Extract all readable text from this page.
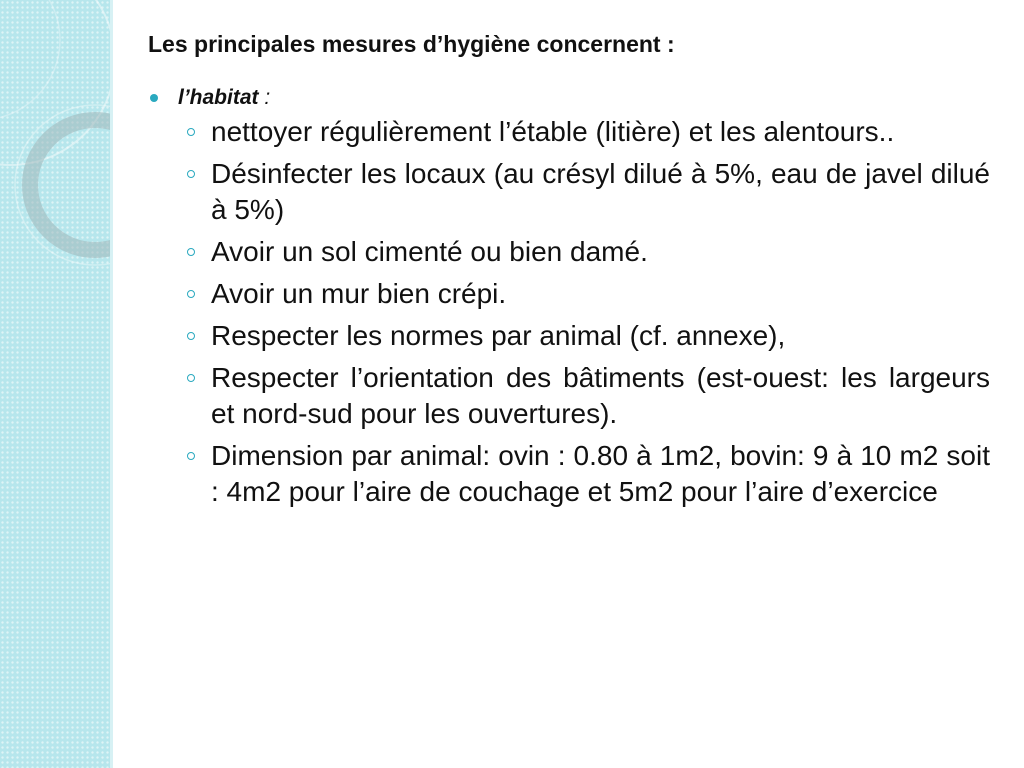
Les principales mesures d’hygiène concernent :
l’habitat :
nettoyer régulièrement l’étable (litière) et les alentours..
Désinfecter les locaux (au crésyl dilué à 5%, eau de javel dilué à 5%)
Avoir un sol cimenté ou bien damé.
Avoir un mur bien crépi.
Respecter les normes par animal (cf. annexe),
Respecter l’orientation des bâtiments (est-ouest: les largeurs et nord-sud pour les ouvertures).
Dimension par animal: ovin : 0.80 à 1m2, bovin: 9 à 10 m2 soit : 4m2 pour l’aire de couchage et 5m2 pour l’aire d’exercice
